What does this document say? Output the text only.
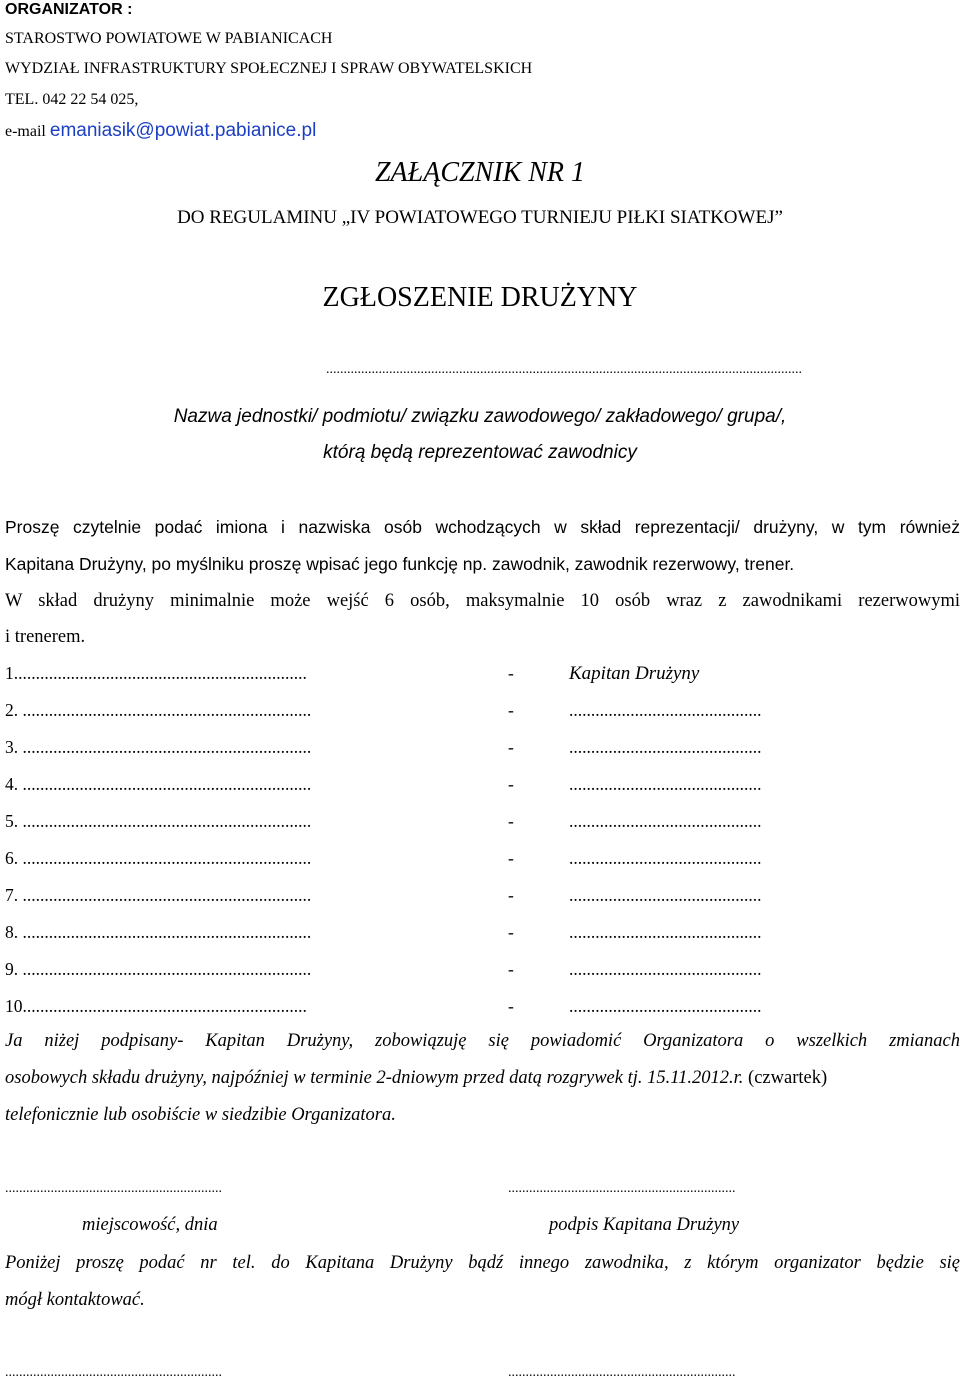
ORGANIZATOR :
STAROSTWO POWIATOWE W PABIANICACH
WYDZIAŁ INFRASTRUKTURY SPOŁECZNEJ I SPRAW OBYWATELSKICH
TEL. 042 22 54 025,
e-mail emaniasik@powiat.pabianice.pl
ZAŁĄCZNIK NR 1
DO REGULAMINU „IV POWIATOWEGO TURNIEJU PIŁKI SIATKOWEJ”
ZGŁOSZENIE DRUŻYNY
........................................................................................................................................
Nazwa jednostki/ podmiotu/ związku zawodowego/ zakładowego/ grupa/,
którą będą reprezentować zawodnicy
Proszę czytelnie podać imiona i nazwiska osób wchodzących w skład reprezentacji/ drużyny, w tym również
Kapitana Drużyny, po myślniku proszę wpisać jego funkcję np. zawodnik, zawodnik rezerwowy, trener.
W skład drużyny minimalnie może wejść 6 osób, maksymalnie 10 osób wraz z zawodnikami rezerwowymi
i trenerem.
1...................................................................	-	Kapitan Drużyny
2. ..................................................................	-	............................................
3. ..................................................................	-	............................................
4. ..................................................................	-	............................................
5. ..................................................................	-	............................................
6. ..................................................................	-	............................................
7. ..................................................................	-	............................................
8. ..................................................................	-	............................................
9. ..................................................................	-	............................................
10.................................................................	-	............................................
Ja niżej podpisany- Kapitan Drużyny, zobowiązuję się powiadomić Organizatora o wszelkich zmianach
osobowych składu drużyny, najpóźniej w terminie 2-dniowym przed datą rozgrywek tj. 15.11.2012.r. (czwartek)
telefonicznie lub osobiście w siedzibie Organizatora.
..............................................................	.................................................................
miejscowość, dnia	podpis Kapitana Drużyny
Poniżej proszę podać nr tel. do Kapitana Drużyny bądź innego zawodnika, z którym organizator będzie się
mógł kontaktować.
..............................................................	.................................................................
